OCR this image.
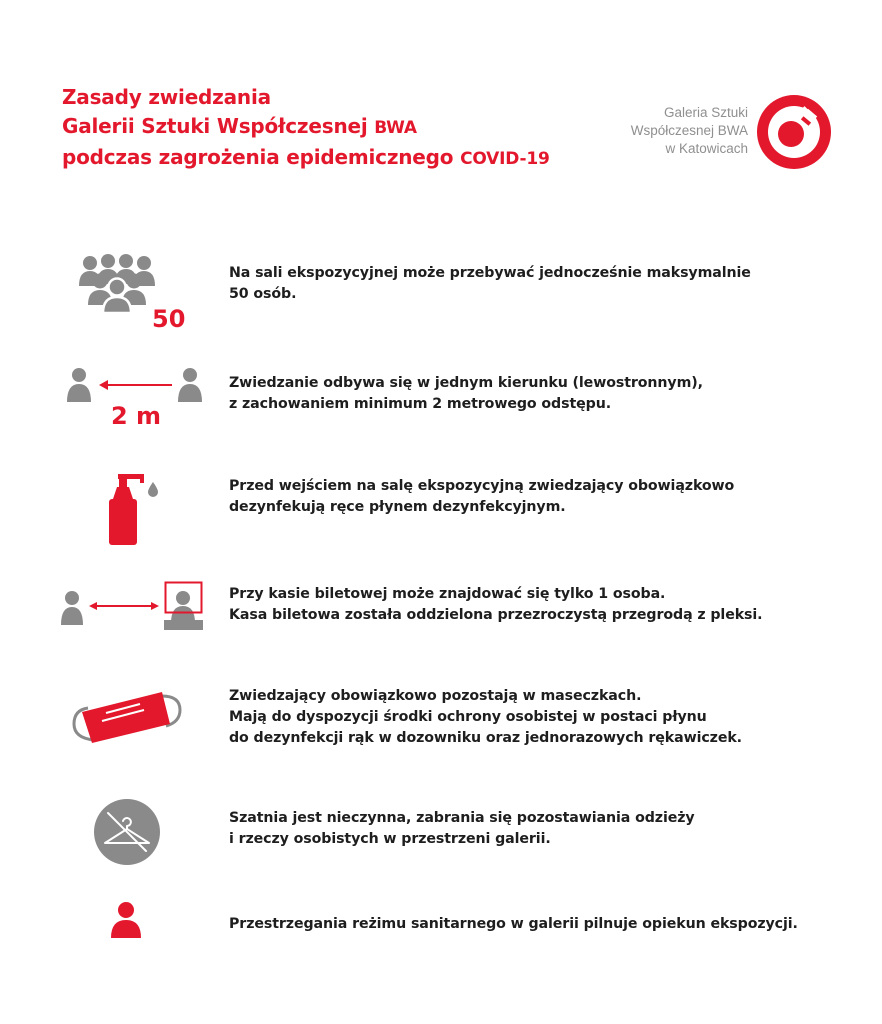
Zasady zwiedzania
Galerii Sztuki Współczesnej BWA
podczas zagrożenia epidemicznego COVID-19
Galeria Sztuki
Współczesnej BWA
w Katowicach
50
Na sali ekspozycyjnej może przebywać jednocześnie maksymalnie
50 osób.
2 m
Zwiedzanie odbywa się w jednym kierunku (lewostronnym),
z zachowaniem minimum 2 metrowego odstępu.
Przed wejściem na salę ekspozycyjną zwiedzający obowiązkowo
dezynfekują ręce płynem dezynfekcyjnym.
Przy kasie biletowej może znajdować się tylko 1 osoba.
Kasa biletowa została oddzielona przezroczystą przegrodą z pleksi.
Zwiedzający obowiązkowo pozostają w maseczkach.
Mają do dyspozycji środki ochrony osobistej w postaci płynu
do dezynfekcji rąk w dozowniku oraz jednorazowych rękawiczek.
Szatnia jest nieczynna, zabrania się pozostawiania odzieży
i rzeczy osobistych w przestrzeni galerii.
Przestrzegania reżimu sanitarnego w galerii pilnuje opiekun ekspozycji.
